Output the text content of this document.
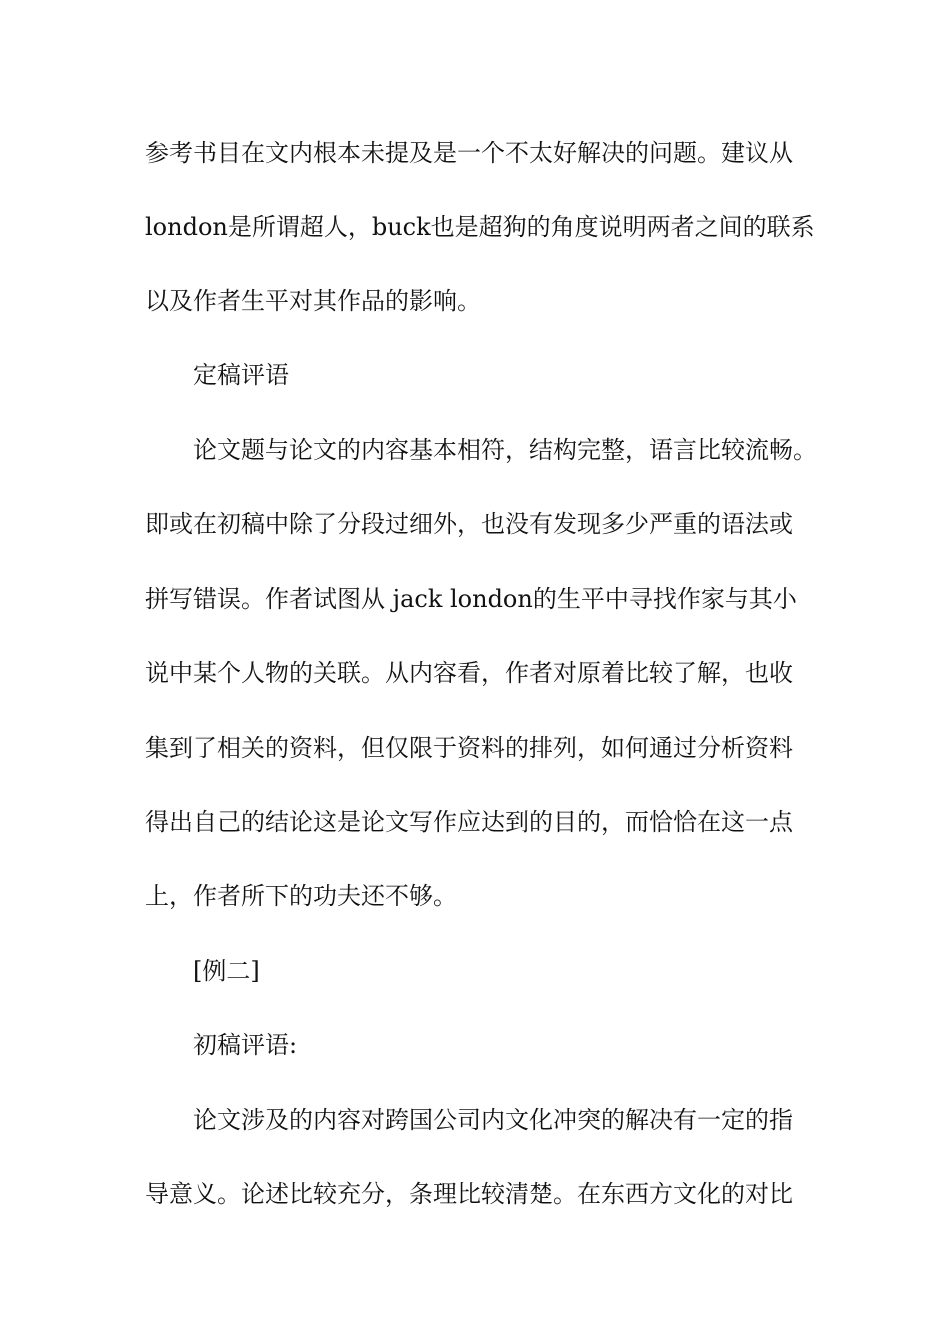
参考书目在文内根本未提及是一个不太好解决的问题。建议从
london是所谓超人，buck也是超狗的角度说明两者之间的联系
以及作者生平对其作品的影响。
定稿评语
论文题与论文的内容基本相符，结构完整，语言比较流畅。
即或在初稿中除了分段过细外，也没有发现多少严重的语法或
拼写错误。作者试图从 jack london的生平中寻找作家与其小
说中某个人物的关联。从内容看，作者对原着比较了解，也收
集到了相关的资料，但仅限于资料的排列，如何通过分析资料
得出自己的结论这是论文写作应达到的目的，而恰恰在这一点
上，作者所下的功夫还不够。
[例二]
初稿评语:
论文涉及的内容对跨国公司内文化冲突的解决有一定的指
导意义。论述比较充分，条理比较清楚。在东西方文化的对比
